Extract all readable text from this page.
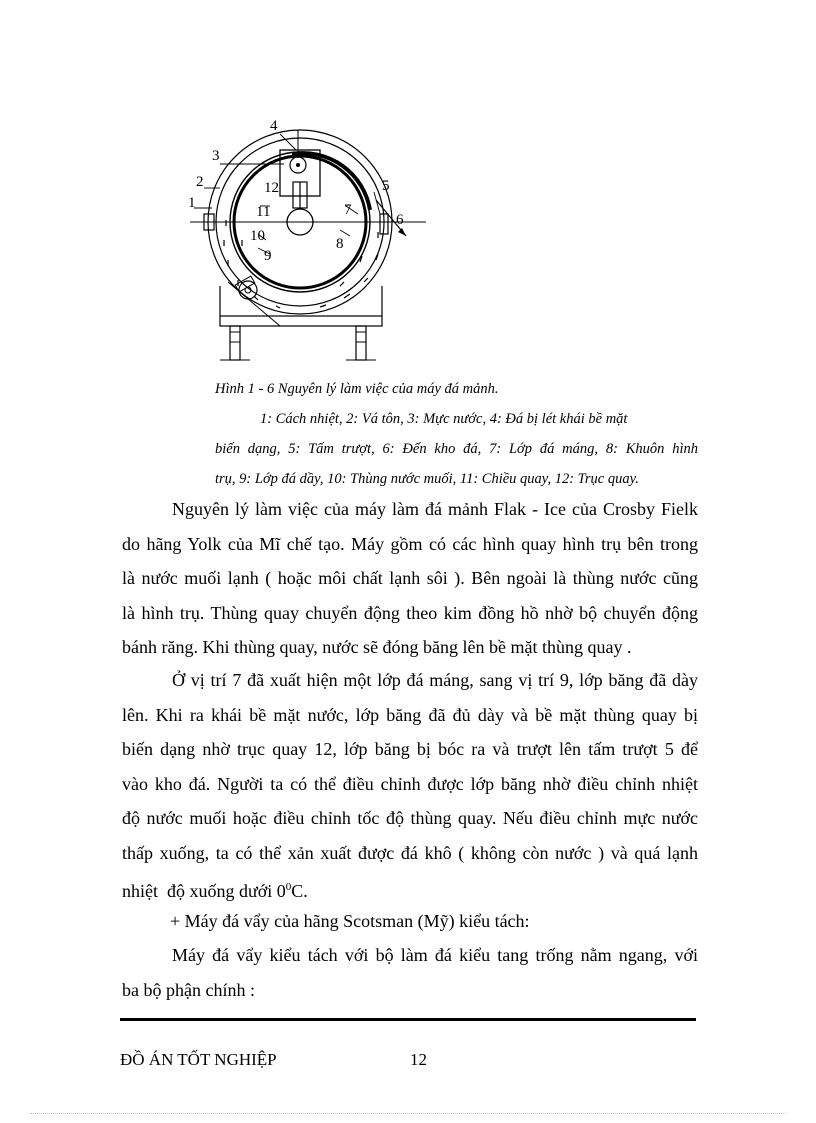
1
2
3
4
5
6
7
8
9
10
11
12
Hình 1 - 6 Nguyên lý làm việc của máy đá mảnh.
1: Cách nhiệt, 2: Vá tôn, 3: Mực nước, 4: Đá bị lét khái bề mặt
biến dạng, 5: Tấm trượt, 6: Đến kho đá, 7: Lớp đá máng, 8: Khuôn hình
trụ, 9: Lớp đá dầy, 10: Thùng nước muối, 11: Chiều quay, 12: Trục quay.
Nguyên lý làm việc của máy làm đá mảnh Flak - Ice của Crosby Fielk
do hãng Yolk của Mĩ chế tạo. Máy gồm có các hình quay hình trụ bên trong
là nước muối lạnh ( hoặc môi chất lạnh sôi ). Bên ngoài là thùng nước cũng
là hình trụ. Thùng quay chuyển động theo kim đồng hồ nhờ bộ chuyển động
bánh răng. Khi thùng quay, nước sẽ đóng băng lên bề mặt thùng quay .
Ở vị trí 7 đã xuất hiện một lớp đá máng, sang vị trí 9, lớp băng đã dày
lên. Khi ra khái bề mặt nước, lớp băng đã đủ dày và bề mặt thùng quay bị
biến dạng nhờ trục quay 12, lớp băng bị bóc ra và trượt lên tấm trượt 5 để
vào kho đá. Người ta có thể điều chỉnh được lớp băng nhờ điều chỉnh nhiệt
độ nước muối hoặc điều chỉnh tốc độ thùng quay. Nếu điều chỉnh mực nước
thấp xuống, ta có thể xản xuất được đá khô ( không còn nước ) và quá lạnh
nhiệt  độ xuống dưới $0^0C$.
+ Máy đá vẩy của hãng Scotsman (Mỹ) kiểu tách:
Máy đá vẩy kiểu tách với bộ làm đá kiểu tang trống nằm ngang, với
ba bộ phận chính :
ĐỒ ÁN TỐT NGHIỆP	12
